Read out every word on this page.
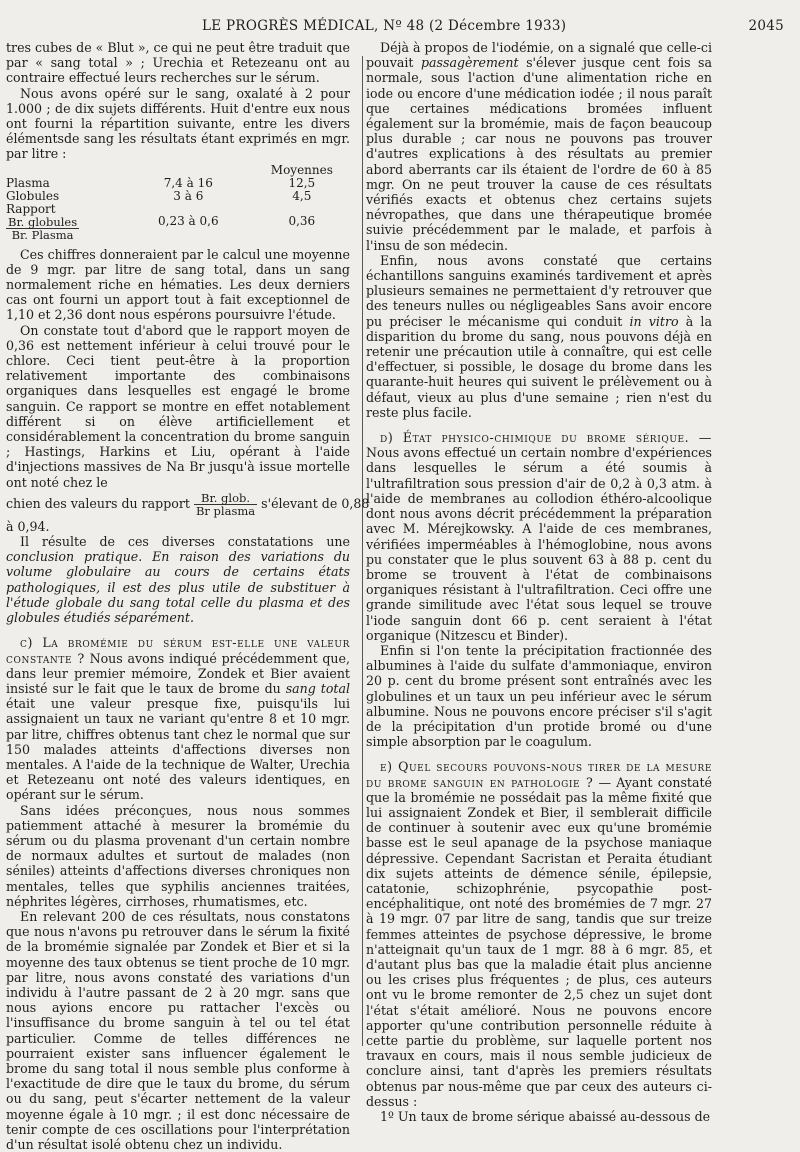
LE PROGRÈS MÉDICAL, Nº 48 (2 Décembre 1933)	2045

tres cubes de « Blut », ce qui ne peut être traduit que par « sang total » ; Urechia et Retezeanu ont au contraire effectué leurs recherches sur le sérum.

Nous avons opéré sur le sang, oxalaté à 2 pour 1.000 ; de dix sujets différents. Huit d'entre eux nous ont fourni la répartition suivante, entre les divers élémentsde sang les résultats étant exprimés en mgr. par litre :

		Moyennes
Plasma	7,4 à 16	12,5
Globules	3 à 6	4,5
Rapport
$\frac{\text{Br. globules}}{\text{Br. Plasma}}$	0,23 à 0,6	0,36

Ces chiffres donneraient par le calcul une moyenne de 9 mgr. par litre de sang total, dans un sang normalement riche en hématies. Les deux derniers cas ont fourni un apport tout à fait exceptionnel de 1,10 et 2,36 dont nous espérons poursuivre l'étude.

On constate tout d'abord que le rapport moyen de 0,36 est nettement inférieur à celui trouvé pour le chlore. Ceci tient peut-être à la proportion relativement importante des combinaisons organiques dans lesquelles est engagé le brome sanguin. Ce rapport se montre en effet notablement différent si on élève artificiellement et considérablement la concentration du brome sanguin ; Hastings, Harkins et Liu, opérant à l'aide d'injections massives de Na Br jusqu'à issue mortelle ont noté chez le

chien des valeurs du rapport $\frac{\text{Br. glob.}}{\text{Br plasma}}$ s'élevant de 0,88

à 0,94.

Il résulte de ces diverses constatations une conclusion pratique. En raison des variations du volume globulaire au cours de certains états pathologiques, il est des plus utile de substituer à l'étude globale du sang total celle du plasma et des globules étudiés séparément.

c) La bromémie du sérum est-elle une valeur constante ? Nous avons indiqué précédemment que, dans leur premier mémoire, Zondek et Bier avaient insisté sur le fait que le taux de brome du sang total était une valeur presque fixe, puisqu'ils lui assignaient un taux ne variant qu'entre 8 et 10 mgr. par litre, chiffres obtenus tant chez le normal que sur 150 malades atteints d'affections diverses non mentales. A l'aide de la technique de Walter, Urechia et Retezeanu ont noté des valeurs identiques, en opérant sur le sérum.

Sans idées préconçues, nous nous sommes patiemment attaché à mesurer la bromémie du sérum ou du plasma provenant d'un certain nombre de normaux adultes et surtout de malades (non séniles) atteints d'affections diverses chroniques non mentales, telles que syphilis anciennes traitées, néphrites légères, cirrhoses, rhumatismes, etc.

En relevant 200 de ces résultats, nous constatons que nous n'avons pu retrouver dans le sérum la fixité de la bromémie signalée par Zondek et Bier et si la moyenne des taux obtenus se tient proche de 10 mgr. par litre, nous avons constaté des variations d'un individu à l'autre passant de 2 à 20 mgr. sans que nous ayions encore pu rattacher l'excès ou l'insuffisance du brome sanguin à tel ou tel état particulier. Comme de telles différences ne pourraient exister sans influencer également le brome du sang total il nous semble plus conforme à l'exactitude de dire que le taux du brome, du sérum ou du sang, peut s'écarter nettement de la valeur moyenne égale à 10 mgr. ; il est donc nécessaire de tenir compte de ces oscillations pour l'interprétation d'un résultat isolé obtenu chez un individu.

Déjà à propos de l'iodémie, on a signalé que celle-ci pouvait passagèrement s'élever jusque cent fois sa normale, sous l'action d'une alimentation riche en iode ou encore d'une médication iodée ; il nous paraît que certaines médications bromées influent également sur la bromémie, mais de façon beaucoup plus durable ; car nous ne pouvons pas trouver d'autres explications à des résultats au premier abord aberrants car ils étaient de l'ordre de 60 à 85 mgr. On ne peut trouver la cause de ces résultats vérifiés exacts et obtenus chez certains sujets névropathes, que dans une thérapeutique bromée suivie précédemment par le malade, et parfois à l'insu de son médecin.

Enfin, nous avons constaté que certains échantillons sanguins examinés tardivement et après plusieurs semaines ne permettaient d'y retrouver que des teneurs nulles ou négligeables Sans avoir encore pu préciser le mécanisme qui conduit in vitro à la disparition du brome du sang, nous pouvons déjà en retenir une précaution utile à connaître, qui est celle d'effectuer, si possible, le dosage du brome dans les quarante-huit heures qui suivent le prélèvement ou à défaut, vieux au plus d'une semaine ; rien n'est du reste plus facile.

d) État physico-chimique du brome sérique. — Nous avons effectué un certain nombre d'expériences dans lesquelles le sérum a été soumis à l'ultrafiltration sous pression d'air de 0,2 à 0,3 atm. à l'aide de membranes au collodion éthéro-alcoolique dont nous avons décrit précédemment la préparation avec M. Mérejkowsky. A l'aide de ces membranes, vérifiées imperméables à l'hémoglobine, nous avons pu constater que le plus souvent 63 à 88 p. cent du brome se trouvent à l'état de combinaisons organiques résistant à l'ultrafiltration. Ceci offre une grande similitude avec l'état sous lequel se trouve l'iode sanguin dont 66 p. cent seraient à l'état organique (Nitzescu et Binder).

Enfin si l'on tente la précipitation fractionnée des albumines à l'aide du sulfate d'ammoniaque, environ 20 p. cent du brome présent sont entraînés avec les globulines et un taux un peu inférieur avec le sérum albumine. Nous ne pouvons encore préciser s'il s'agit de la précipitation d'un protide bromé ou d'une simple absorption par le coagulum.

e) Quel secours pouvons-nous tirer de la mesure du brome sanguin en pathologie ? — Ayant constaté que la bromémie ne possédait pas la même fixité que lui assignaient Zondek et Bier, il semblerait difficile de continuer à soutenir avec eux qu'une bromémie basse est le seul apanage de la psychose maniaque dépressive. Cependant Sacristan et Peraita étudiant dix sujets atteints de démence sénile, épilepsie, catatonie, schizophrénie, psycopathie post-encéphalitique, ont noté des bromémies de 7 mgr. 27 à 19 mgr. 07 par litre de sang, tandis que sur treize femmes atteintes de psychose dépressive, le brome n'atteignait qu'un taux de 1 mgr. 88 à 6 mgr. 85, et d'autant plus bas que la maladie était plus ancienne ou les crises plus fréquentes ; de plus, ces auteurs ont vu le brome remonter de 2,5 chez un sujet dont l'état s'était amélioré. Nous ne pouvons encore apporter qu'une contribution personnelle réduite à cette partie du problème, sur laquelle portent nos travaux en cours, mais il nous semble judicieux de conclure ainsi, tant d'après les premiers résultats obtenus par nous-même que par ceux des auteurs ci-dessus :

1º Un taux de brome sérique abaissé au-dessous de
